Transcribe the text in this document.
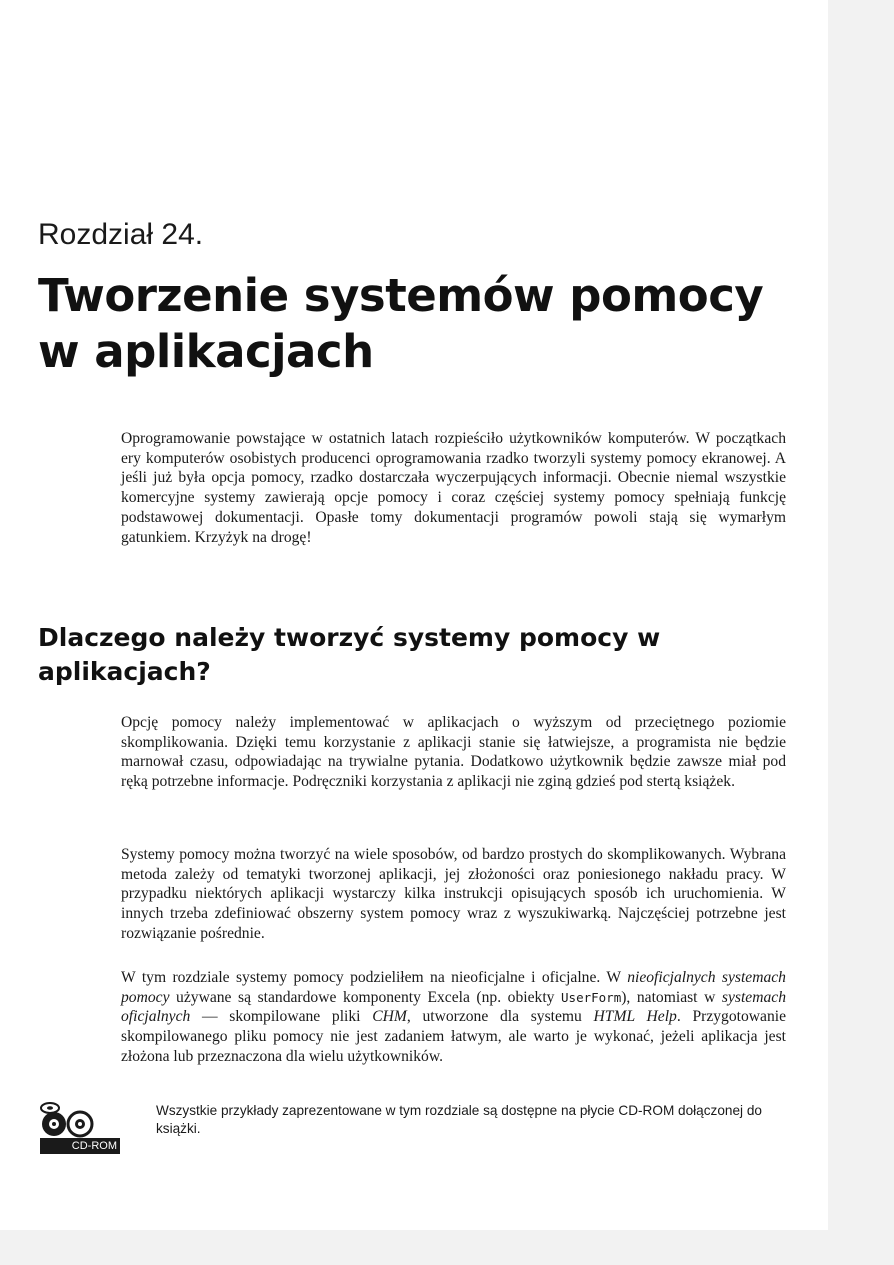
Rozdział 24.

Tworzenie systemów pomocy w aplikacjach

Oprogramowanie powstające w ostatnich latach rozpieściło użytkowników komputerów. W początkach ery komputerów osobistych producenci oprogramowania rzadko tworzyli systemy pomocy ekranowej. A jeśli już była opcja pomocy, rzadko dostarczała wyczerpujących informacji. Obecnie niemal wszystkie komercyjne systemy zawierają opcje pomocy i coraz częściej systemy pomocy spełniają funkcję podstawowej dokumentacji. Opasłe tomy dokumentacji programów powoli stają się wymarłym gatunkiem. Krzyżyk na drogę!

Dlaczego należy tworzyć systemy pomocy w aplikacjach?

Opcję pomocy należy implementować w aplikacjach o wyższym od przeciętnego poziomie skomplikowania. Dzięki temu korzystanie z aplikacji stanie się łatwiejsze, a programista nie będzie marnował czasu, odpowiadając na trywialne pytania. Dodatkowo użytkownik będzie zawsze miał pod ręką potrzebne informacje. Podręczniki korzystania z aplikacji nie zginą gdzieś pod stertą książek.

Systemy pomocy można tworzyć na wiele sposobów, od bardzo prostych do skomplikowanych. Wybrana metoda zależy od tematyki tworzonej aplikacji, jej złożoności oraz poniesionego nakładu pracy. W przypadku niektórych aplikacji wystarczy kilka instrukcji opisujących sposób ich uruchomienia. W innych trzeba zdefiniować obszerny system pomocy wraz z wyszukiwarką. Najczęściej potrzebne jest rozwiązanie pośrednie.

W tym rozdziale systemy pomocy podzieliłem na nieoficjalne i oficjalne. W nieoficjalnych systemach pomocy używane są standardowe komponenty Excela (np. obiekty UserForm), natomiast w systemach oficjalnych — skompilowane pliki CHM, utworzone dla systemu HTML Help. Przygotowanie skompilowanego pliku pomocy nie jest zadaniem łatwym, ale warto je wykonać, jeżeli aplikacja jest złożona lub przeznaczona dla wielu użytkowników.

CD-ROM

Wszystkie przykłady zaprezentowane w tym rozdziale są dostępne na płycie CD-ROM dołączonej do książki.
